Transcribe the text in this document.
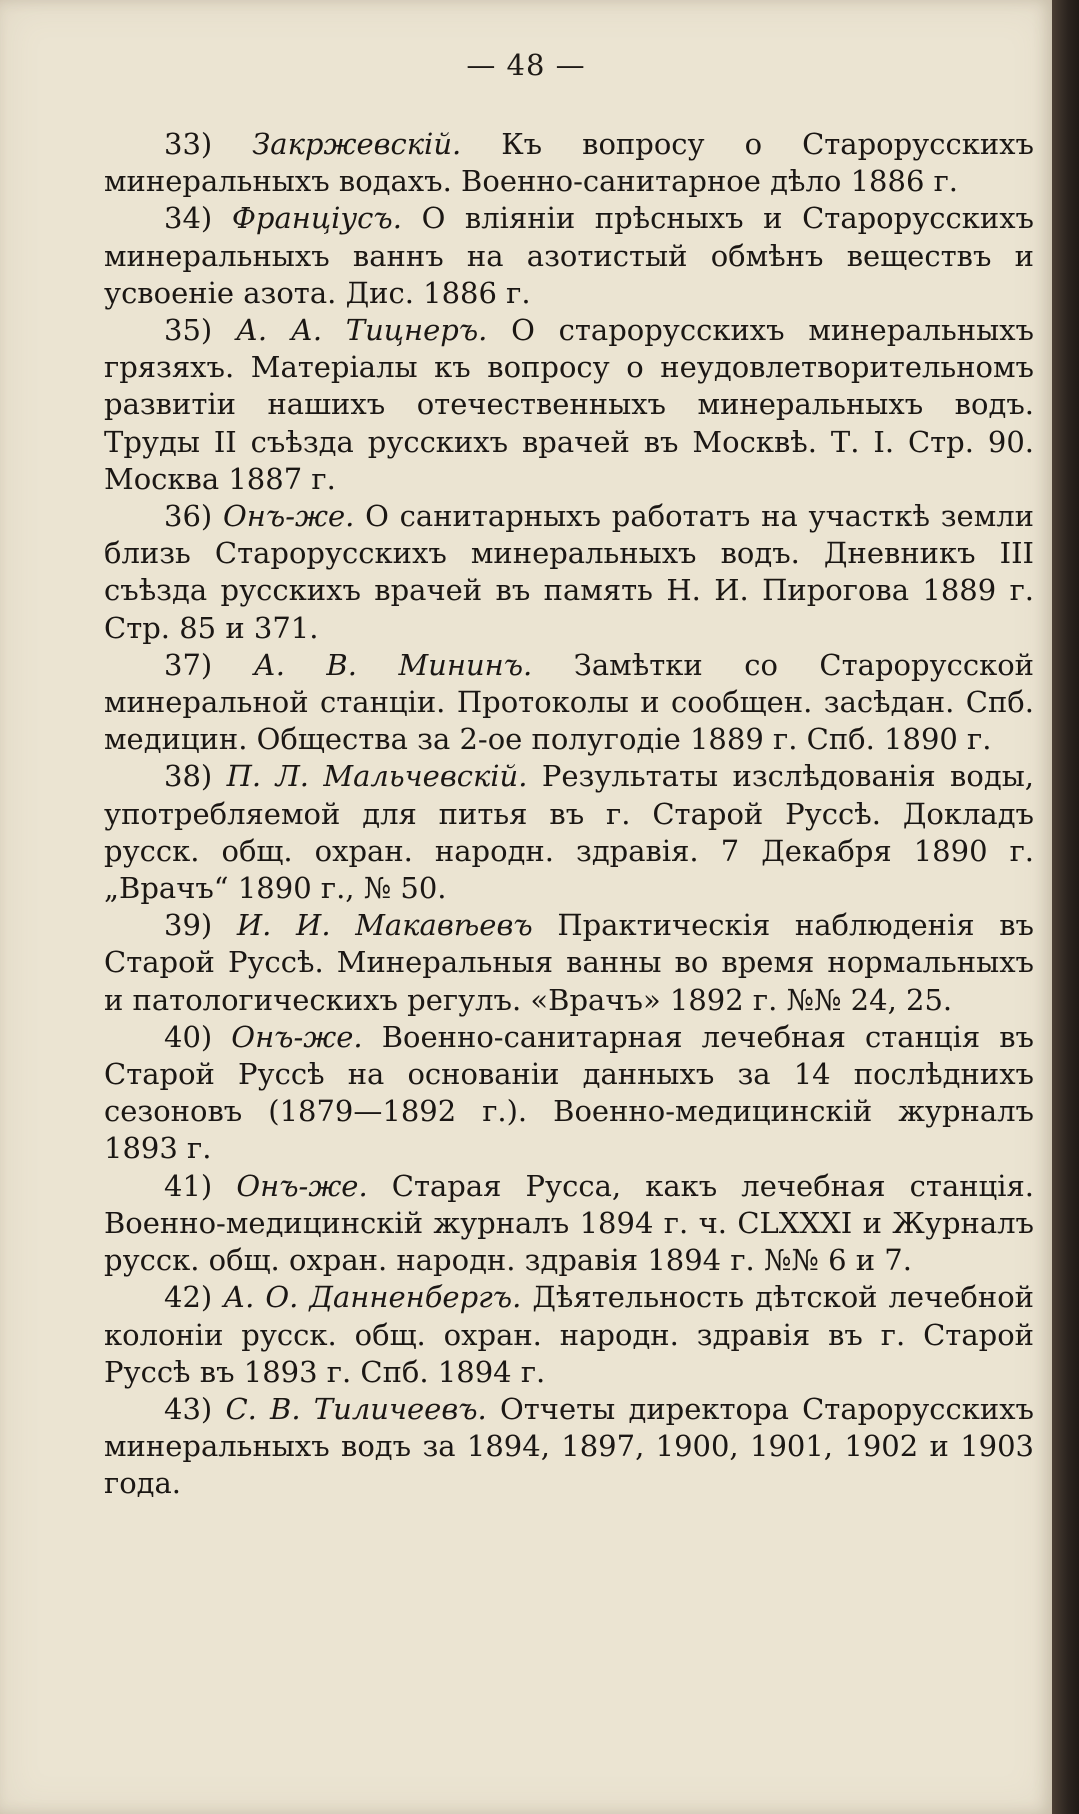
— 48 —

33) Закржевскій. Къ вопросу о Старорусскихъ минеральныхъ водахъ. Военно-санитарное дѣло 1886 г.

34) Францiусъ. О вліяніи прѣсныхъ и Старорусскихъ минеральныхъ ваннъ на азотистый обмѣнъ веществъ и усвоеніе азота. Дис. 1886 г.

35) А. А. Тицнеръ. О старорусскихъ минеральныхъ грязяхъ. Матеріалы къ вопросу о неудовлетворительномъ развитіи нашихъ отечественныхъ минеральныхъ водъ. Труды II съѣзда русскихъ врачей въ Москвѣ. Т. I. Стр. 90. Москва 1887 г.

36) Онъ-же. О санитарныхъ работатъ на участкѣ земли близь Старорусскихъ минеральныхъ водъ. Дневникъ III съѣзда русскихъ врачей въ память Н. И. Пирогова 1889 г. Стр. 85 и 371.

37) А. В. Мининъ. Замѣтки со Старорусской минеральной станціи. Протоколы и сообщен. засѣдан. Спб. медицин. Общества за 2-ое полугодіе 1889 г. Спб. 1890 г.

38) П. Л. Мальчевскій. Результаты изслѣдованія воды, употребляемой для питья въ г. Старой Руссѣ. Докладъ русск. общ. охран. народн. здравія. 7 Декабря 1890 г. „Врачъ“ 1890 г., № 50.

39) И. И. Макавѣевъ Практическія наблюденія въ Старой Руссѣ. Минеральныя ванны во время нормальныхъ и патологическихъ регулъ. «Врачъ» 1892 г. №№ 24, 25.

40) Онъ-же. Военно-санитарная лечебная станція въ Старой Руссѣ на основаніи данныхъ за 14 послѣднихъ сезоновъ (1879—1892 г.). Военно-медицинскій журналъ 1893 г.

41) Онъ-же. Старая Русса, какъ лечебная станція. Военно-медицинскій журналъ 1894 г. ч. CLXXXI и Журналъ русск. общ. охран. народн. здравія 1894 г. №№ 6 и 7.

42) А. О. Данненбергъ. Дѣятельность дѣтской лечебной колоніи русск. общ. охран. народн. здравія въ г. Старой Руссѣ въ 1893 г. Спб. 1894 г.

43) С. В. Тиличеевъ. Отчеты директора Старорусскихъ минеральныхъ водъ за 1894, 1897, 1900, 1901, 1902 и 1903 года.
